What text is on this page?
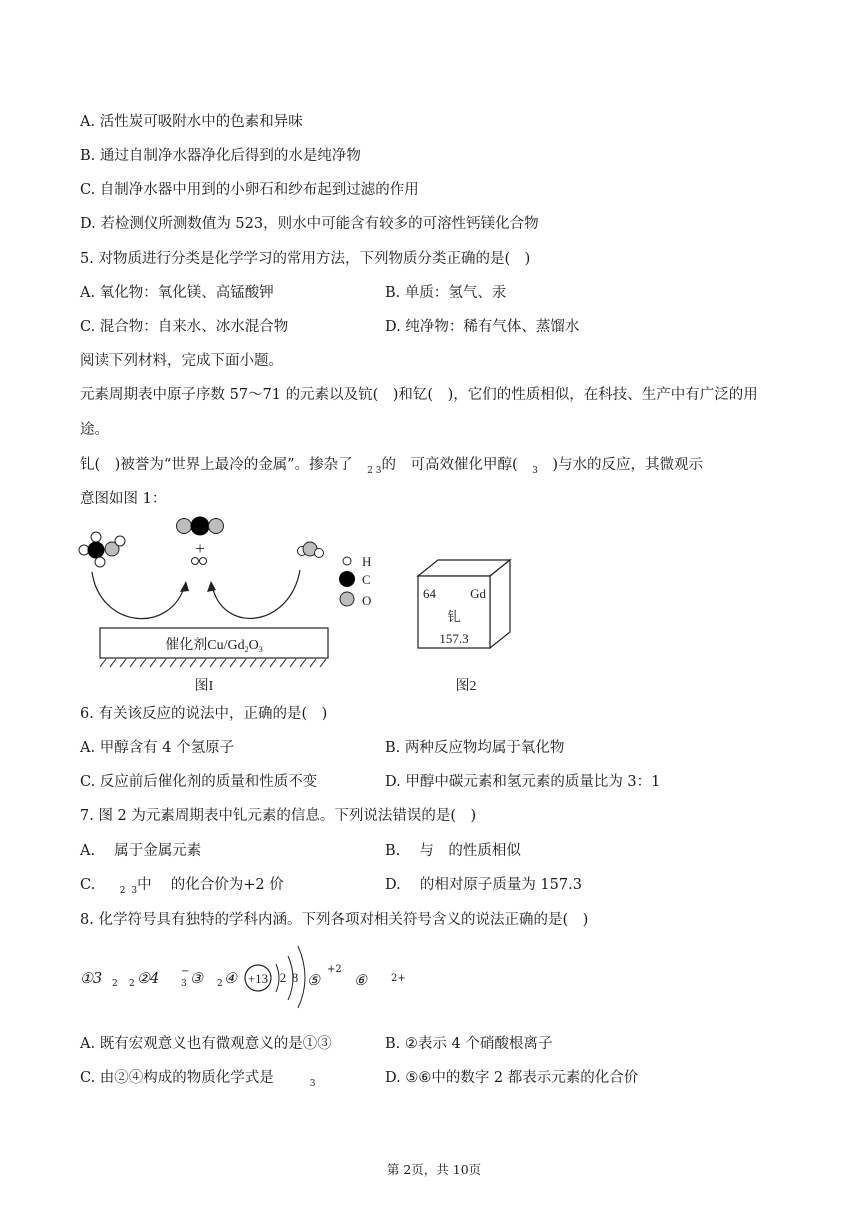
A. 活性炭可吸附水中的色素和异味
B. 通过自制净水器净化后得到的水是纯净物
C. 自制净水器中用到的小卵石和纱布起到过滤的作用
D. 若检测仪所测数值为 523，则水中可能含有较多的可溶性钙镁化合物
5. 对物质进行分类是化学学习的常用方法，下列物质分类正确的是(　)
A. 氧化物：氧化镁、高锰酸钾	B. 单质：氢气、汞
C. 混合物：自来水、冰水混合物	D. 纯净物：稀有气体、蒸馏水
阅读下列材料，完成下面小题。
元素周期表中原子序数 57～71 的元素以及钪(　)和钇(　)，它们的性质相似，在科技、生产中有广泛的用
途。
钆(　)被誉为“世界上最冷的金属”。掺杂了　$_2$   $_3$的　可高效催化甲醇(　$_3$　)与水的反应，其微观示
意图如图 1：
+
催化剂$Cu/Gd_2O_3$
H
C
O
图I
64	Gd
钆
157.3
图2
6. 有关该反应的说法中，正确的是(　)
A. 甲醇含有 4 个氢原子	B. 两种反应物均属于氧化物
C. 反应前后催化剂的质量和性质不变	D. 甲醇中碳元素和氢元素的质量比为 3：1
7. 图 2 为元素周期表中钆元素的信息。下列说法错误的是(　)
A.　 属于金属元素	B.　 与　的性质相似
C.　$_2$ $_3$中　 的化合价为+2 价	D.　 的相对原子质量为 157.3
8. 化学符号具有独特的学科内涵。下列各项对相关符号含义的说法正确的是(　)
①3 2 2 ②4 −
3 ③ 2 ④ +13 2 8 ⑤
+2
⑥ 2+
A. 既有宏观意义也有微观意义的是①③	B. ②表示 4 个硝酸根离子
C. 由②④构成的物质化学式是	$_3$	D. ⑤⑥中的数字 2 都表示元素的化合价
第 2页，共 10页
